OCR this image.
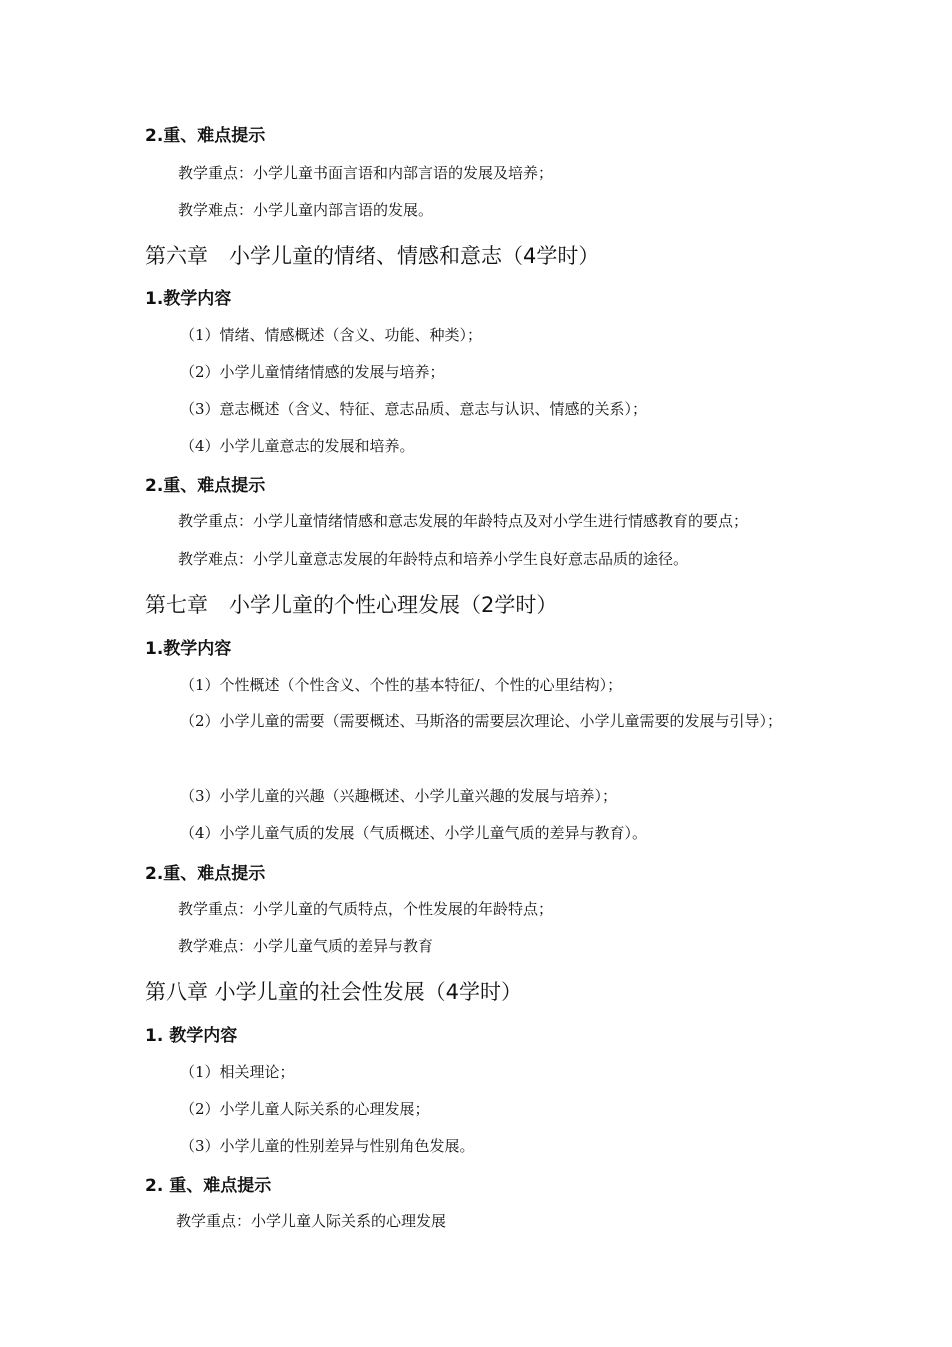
2.重、难点提示
教学重点：小学儿童书面言语和内部言语的发展及培养；
教学难点：小学儿童内部言语的发展。
第六章　小学儿童的情绪、情感和意志（4学时）
1.教学内容
（1）情绪、情感概述（含义、功能、种类）；
（2）小学儿童情绪情感的发展与培养；
（3）意志概述（含义、特征、意志品质、意志与认识、情感的关系）；
（4）小学儿童意志的发展和培养。
2.重、难点提示
教学重点：小学儿童情绪情感和意志发展的年龄特点及对小学生进行情感教育的要点；
教学难点：小学儿童意志发展的年龄特点和培养小学生良好意志品质的途径。
第七章　小学儿童的个性心理发展（2学时）
1.教学内容
（1）个性概述（个性含义、个性的基本特征/、个性的心里结构）；
（2）小学儿童的需要（需要概述、马斯洛的需要层次理论、小学儿童需要的发展与引导）；
（3）小学儿童的兴趣（兴趣概述、小学儿童兴趣的发展与培养）；
（4）小学儿童气质的发展（气质概述、小学儿童气质的差异与教育）。
2.重、难点提示
教学重点：小学儿童的气质特点，个性发展的年龄特点；
教学难点：小学儿童气质的差异与教育
第八章 小学儿童的社会性发展（4学时）
1. 教学内容
（1）相关理论；
（2）小学儿童人际关系的心理发展；
（3）小学儿童的性别差异与性别角色发展。
2. 重、难点提示
教学重点：小学儿童人际关系的心理发展
